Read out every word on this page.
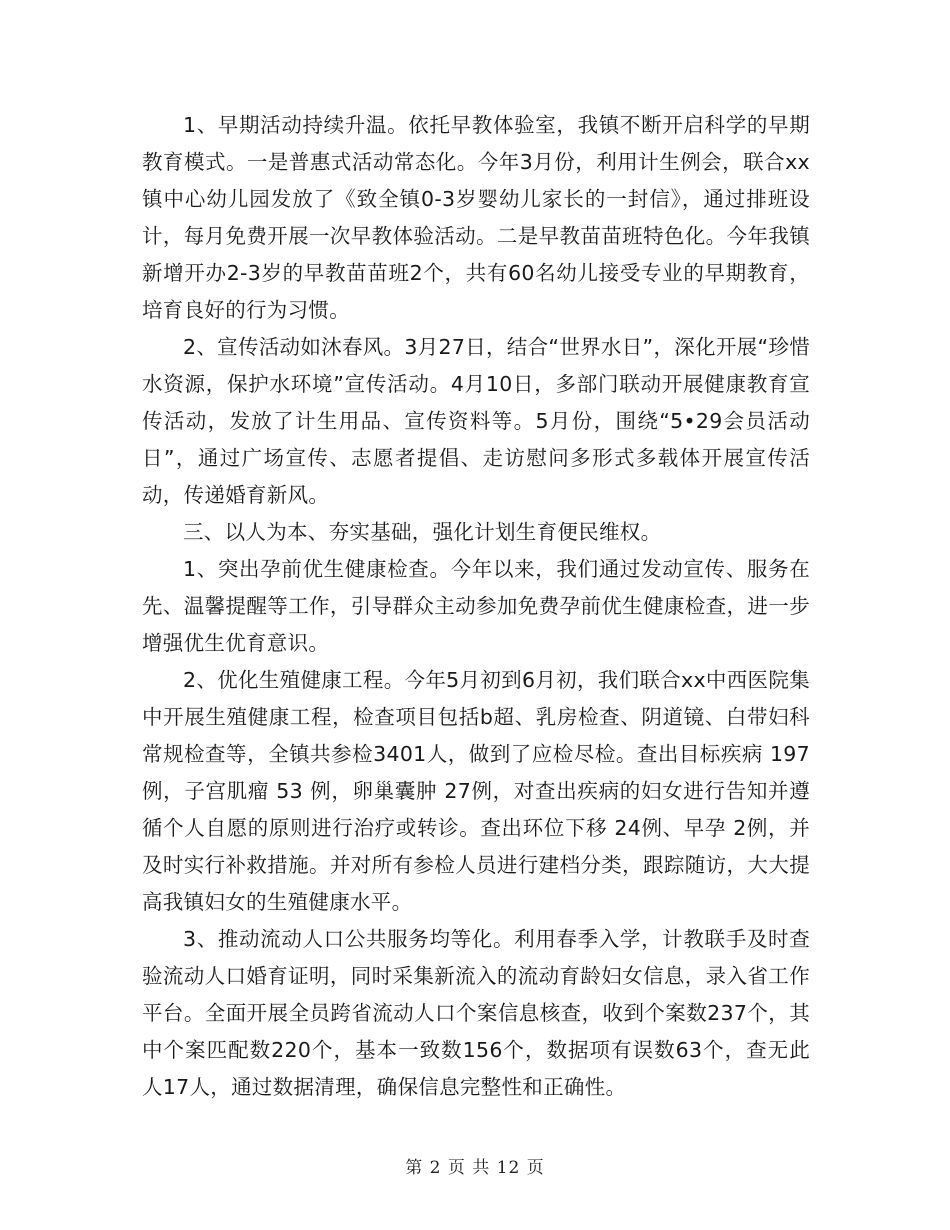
1、早期活动持续升温。依托早教体验室，我镇不断开启科学的早期教育模式。一是普惠式活动常态化。今年3月份，利用计生例会，联合xx镇中心幼儿园发放了《致全镇0-3岁婴幼儿家长的一封信》，通过排班设计，每月免费开展一次早教体验活动。二是早教苗苗班特色化。今年我镇新增开办2-3岁的早教苗苗班2个，共有60名幼儿接受专业的早期教育，培育良好的行为习惯。

2、宣传活动如沐春风。3月27日，结合“世界水日”，深化开展“珍惜水资源，保护水环境”宣传活动。4月10日，多部门联动开展健康教育宣传活动，发放了计生用品、宣传资料等。5月份，围绕“5•29会员活动日”，通过广场宣传、志愿者提倡、走访慰问多形式多载体开展宣传活动，传递婚育新风。

三、以人为本、夯实基础，强化计划生育便民维权。

1、突出孕前优生健康检查。今年以来，我们通过发动宣传、服务在先、温馨提醒等工作，引导群众主动参加免费孕前优生健康检查，进一步增强优生优育意识。

2、优化生殖健康工程。今年5月初到6月初，我们联合xx中西医院集中开展生殖健康工程，检查项目包括b超、乳房检查、阴道镜、白带妇科常规检查等，全镇共参检3401人，做到了应检尽检。查出目标疾病 197例，子宫肌瘤 53 例，卵巢囊肿 27例，对查出疾病的妇女进行告知并遵循个人自愿的原则进行治疗或转诊。查出环位下移 24例、早孕 2例，并及时实行补救措施。并对所有参检人员进行建档分类，跟踪随访，大大提高我镇妇女的生殖健康水平。

3、推动流动人口公共服务均等化。利用春季入学，计教联手及时查验流动人口婚育证明，同时采集新流入的流动育龄妇女信息，录入省工作平台。全面开展全员跨省流动人口个案信息核查，收到个案数237个，其中个案匹配数220个，基本一致数156个，数据项有误数63个，查无此人17人，通过数据清理，确保信息完整性和正确性。

第 2 页 共 12 页
